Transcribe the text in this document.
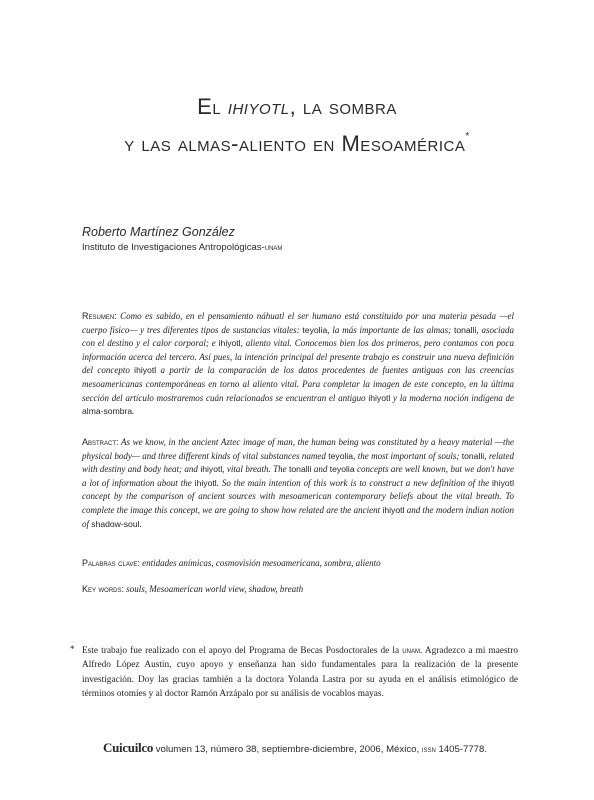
El ihiyotl, la sombra
y las almas-aliento en Mesoamérica*
Roberto Martínez González
Instituto de Investigaciones Antropológicas-unam
Resumen: Como es sabido, en el pensamiento náhuatl el ser humano está constituido por una materia pesada —el cuerpo físico— y tres diferentes tipos de sustancias vitales: teyolia, la más importante de las almas; tonalli, asociada con el destino y el calor corporal; e ihiyotl, aliento vital. Conocemos bien los dos primeros, pero contamos con poca información acerca del tercero. Así pues, la intención principal del presente trabajo es construir una nueva definición del concepto ihiyotl a partir de la comparación de los datos procedentes de fuentes antiguas con las creencias mesoamericanas contemporáneas en torno al aliento vital. Para completar la imagen de este concepto, en la última sección del artículo mostraremos cuán relacionados se encuentran el antiguo ihiyotl y la moderna noción indígena de alma-sombra.
Abstract: As we know, in the ancient Aztec image of man, the human being was constituted by a heavy material —the physical body— and three different kinds of vital substances named teyolia, the most important of souls; tonalli, related with destiny and body heat; and ihiyotl, vital breath. The tonalli and teyolia concepts are well known, but we don't have a lot of information about the ihiyotl. So the main intention of this work is to construct a new definition of the ihiyotl concept by the comparison of ancient sources with mesoamerican contemporary beliefs about the vital breath. To complete the image this concept, we are going to show how related are the ancient ihiyotl and the modern indian notion of shadow-soul.
Palabras clave: entidades anímicas, cosmovisión mesoamericana, sombra, aliento
Key words: souls, Mesoamerican world view, shadow, breath
* Este trabajo fue realizado con el apoyo del Programa de Becas Posdoctorales de la unam. Agradezco a mi maestro Alfredo López Austin, cuyo apoyo y enseñanza han sido fundamentales para la realización de la presente investigación. Doy las gracias también a la doctora Yolanda Lastra por su ayuda en el análisis etimológico de términos otomíes y al doctor Ramón Arzápalo por su análisis de vocablos mayas.
Cuicuilco volumen 13, número 38, septiembre-diciembre, 2006, México, issn 1405-7778.
